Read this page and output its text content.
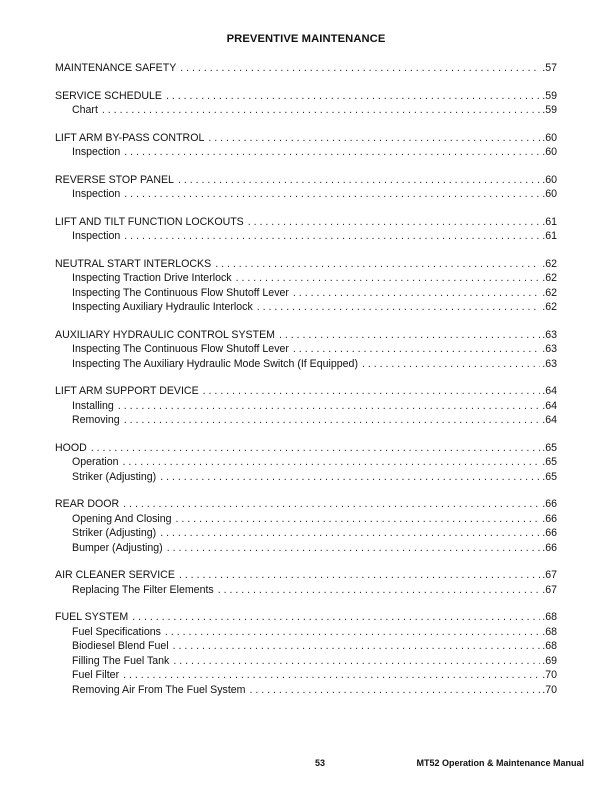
PREVENTIVE MAINTENANCE
MAINTENANCE SAFETY . . .	.57
SERVICE SCHEDULE . . .	.59
Chart . . .	.59
LIFT ARM BY-PASS CONTROL . . .	.60
Inspection . . .	.60
REVERSE STOP PANEL . . .	.60
Inspection . . .	.60
LIFT AND TILT FUNCTION LOCKOUTS . . .	.61
Inspection . . .	.61
NEUTRAL START INTERLOCKS . . .	.62
Inspecting Traction Drive Interlock . . .	.62
Inspecting The Continuous Flow Shutoff Lever . . .	.62
Inspecting Auxiliary Hydraulic Interlock . . .	.62
AUXILIARY HYDRAULIC CONTROL SYSTEM . . .	.63
Inspecting The Continuous Flow Shutoff Lever . . .	.63
Inspecting The Auxiliary Hydraulic Mode Switch (If Equipped) . . .	.63
LIFT ARM SUPPORT DEVICE . . .	.64
Installing . . .	.64
Removing . . .	.64
HOOD . . .	.65
Operation . . .	.65
Striker (Adjusting) . . .	.65
REAR DOOR . . .	.66
Opening And Closing . . .	.66
Striker (Adjusting) . . .	.66
Bumper (Adjusting) . . .	.66
AIR CLEANER SERVICE . . .	.67
Replacing The Filter Elements . . .	.67
FUEL SYSTEM . . .	.68
Fuel Specifications . . .	.68
Biodiesel Blend Fuel . . .	.68
Filling The Fuel Tank . . .	.69
Fuel Filter . . .	.70
Removing Air From The Fuel System . . .	.70
53	MT52 Operation & Maintenance Manual
